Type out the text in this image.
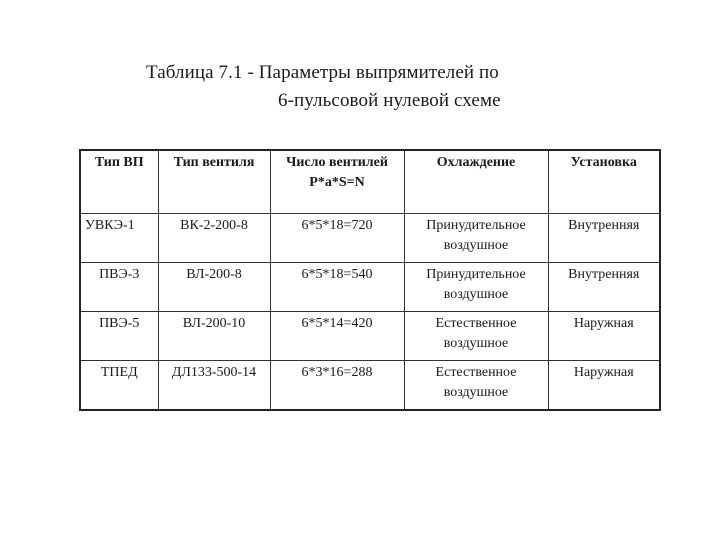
Таблица 7.1 - Параметры выпрямителей по
6-пульсовой нулевой схеме
Тип ВП	Тип вентиля	Число вентилей P*a*S=N	Охлаждение	Установка
УВКЭ-1	ВК-2-200-8	6*5*18=720	Принудительное воздушное	Внутренняя
ПВЭ-3	ВЛ-200-8	6*5*18=540	Принудительное воздушное	Внутренняя
ПВЭ-5	ВЛ-200-10	6*5*14=420	Естественное воздушное	Наружная
ТПЕД	ДЛ133-500-14	6*3*16=288	Естественное воздушное	Наружная
